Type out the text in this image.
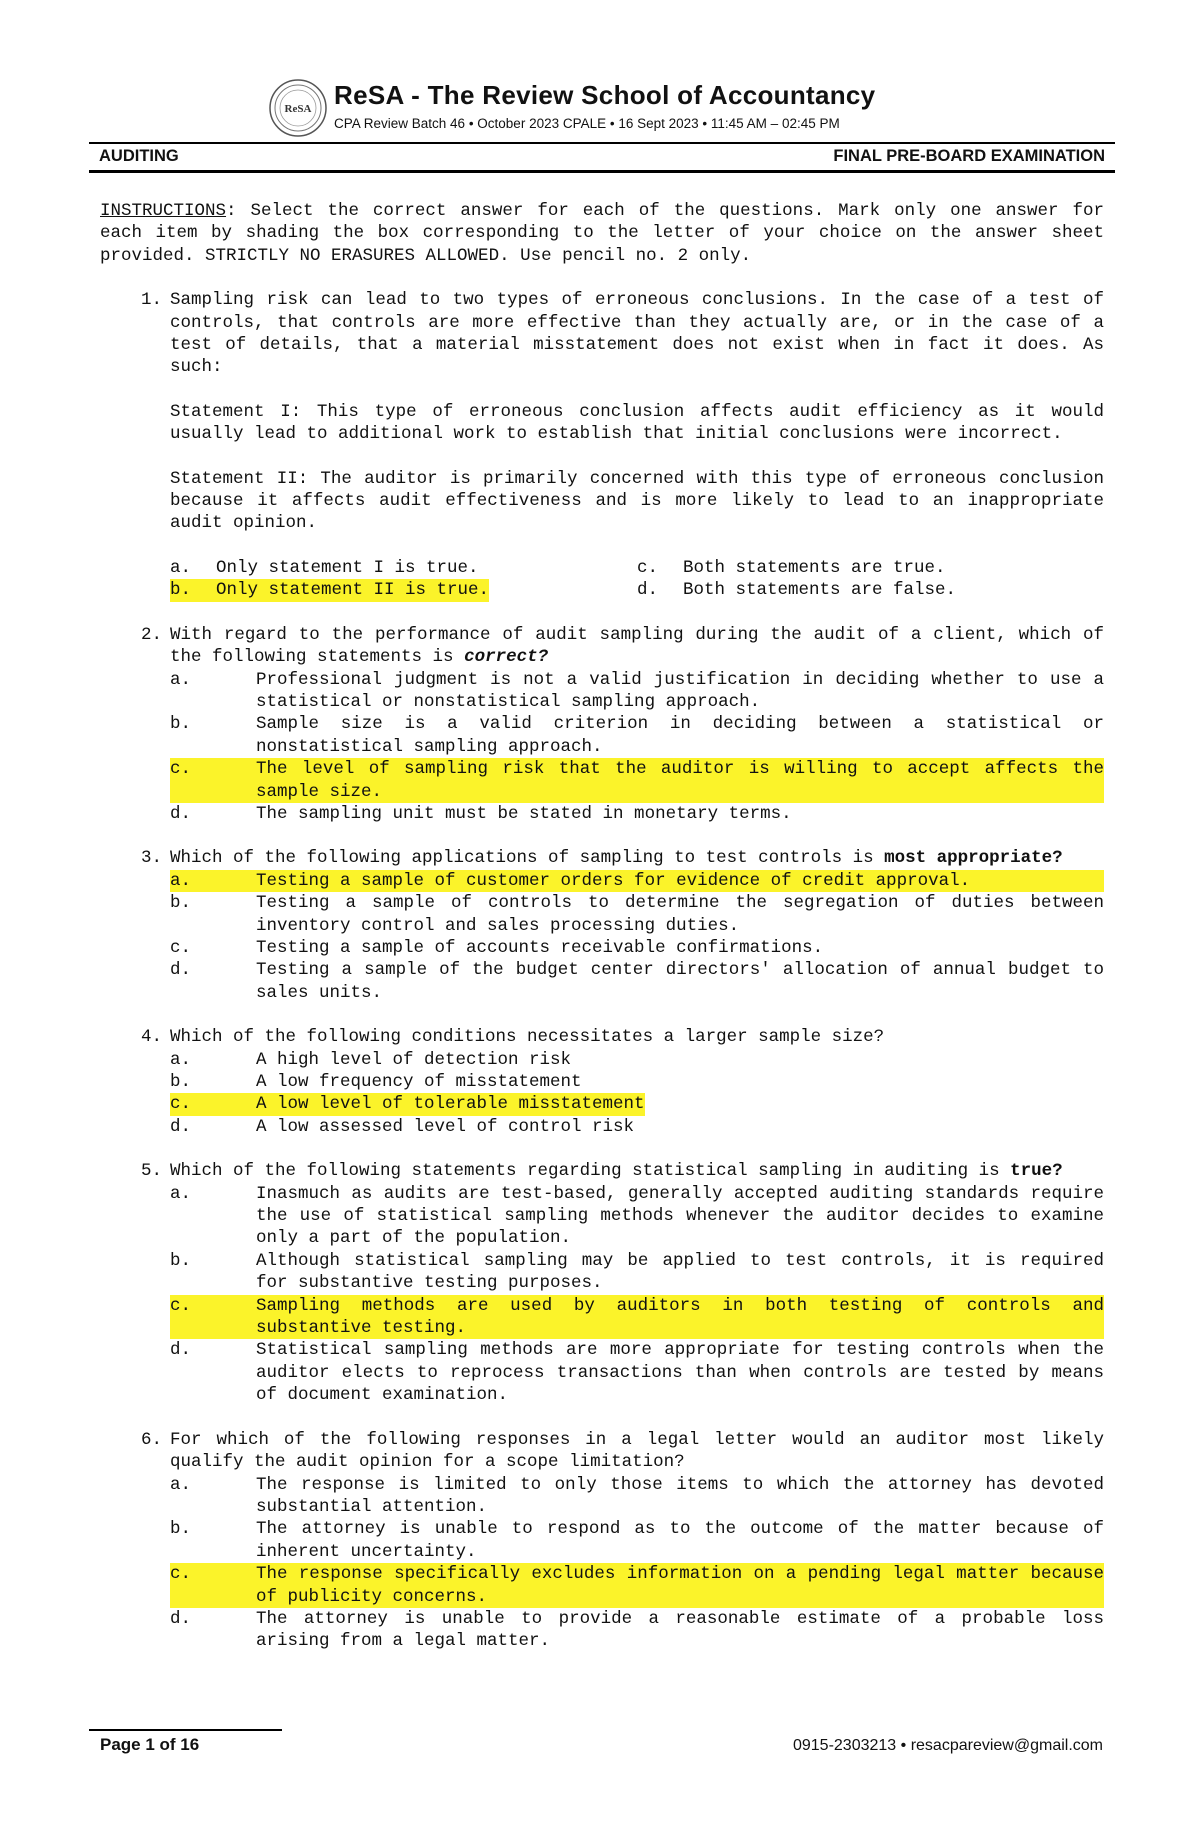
ReSA ReSA - The Review School of Accountancy
CPA Review Batch 46 • October 2023 CPALE • 16 Sept 2023 • 11:45 AM – 02:45 PM
AUDITING	FINAL PRE-BOARD EXAMINATION

INSTRUCTIONS: Select the correct answer for each of the questions. Mark only one answer for each item by shading the box corresponding to the letter of your choice on the answer sheet provided. STRICTLY NO ERASURES ALLOWED. Use pencil no. 2 only.

1. Sampling risk can lead to two types of erroneous conclusions. In the case of a test of controls, that controls are more effective than they actually are, or in the case of a test of details, that a material misstatement does not exist when in fact it does. As such:
Statement I: This type of erroneous conclusion affects audit efficiency as it would usually lead to additional work to establish that initial conclusions were incorrect.
Statement II: The auditor is primarily concerned with this type of erroneous conclusion because it affects audit effectiveness and is more likely to lead to an inappropriate audit opinion.
a.	Only statement I is true.	c.	Both statements are true.
b. Only statement II is true.	d.	Both statements are false.
2. With regard to the performance of audit sampling during the audit of a client, which of the following statements is correct?
a.	Professional judgment is not a valid justification in deciding whether to use a statistical or nonstatistical sampling approach.
b.	Sample size is a valid criterion in deciding between a statistical or nonstatistical sampling approach.
c.	The level of sampling risk that the auditor is willing to accept affects the sample size.
d.	The sampling unit must be stated in monetary terms.
3. Which of the following applications of sampling to test controls is most appropriate?
a.	Testing a sample of customer orders for evidence of credit approval.
b.	Testing a sample of controls to determine the segregation of duties between inventory control and sales processing duties.
c.	Testing a sample of accounts receivable confirmations.
d.	Testing a sample of the budget center directors' allocation of annual budget to sales units.
4. Which of the following conditions necessitates a larger sample size?
a.	A high level of detection risk
b.	A low frequency of misstatement
c.	A low level of tolerable misstatement
d.	A low assessed level of control risk
5. Which of the following statements regarding statistical sampling in auditing is true?
a.	Inasmuch as audits are test-based, generally accepted auditing standards require the use of statistical sampling methods whenever the auditor decides to examine only a part of the population.
b.	Although statistical sampling may be applied to test controls, it is required for substantive testing purposes.
c.	Sampling methods are used by auditors in both testing of controls and substantive testing.
d.	Statistical sampling methods are more appropriate for testing controls when the auditor elects to reprocess transactions than when controls are tested by means of document examination.
6. For which of the following responses in a legal letter would an auditor most likely qualify the audit opinion for a scope limitation?
a.	The response is limited to only those items to which the attorney has devoted substantial attention.
b.	The attorney is unable to respond as to the outcome of the matter because of inherent uncertainty.
c.	The response specifically excludes information on a pending legal matter because of publicity concerns.
d.	The attorney is unable to provide a reasonable estimate of a probable loss arising from a legal matter.
Page 1 of 16	0915-2303213 • resacpareview@gmail.com
